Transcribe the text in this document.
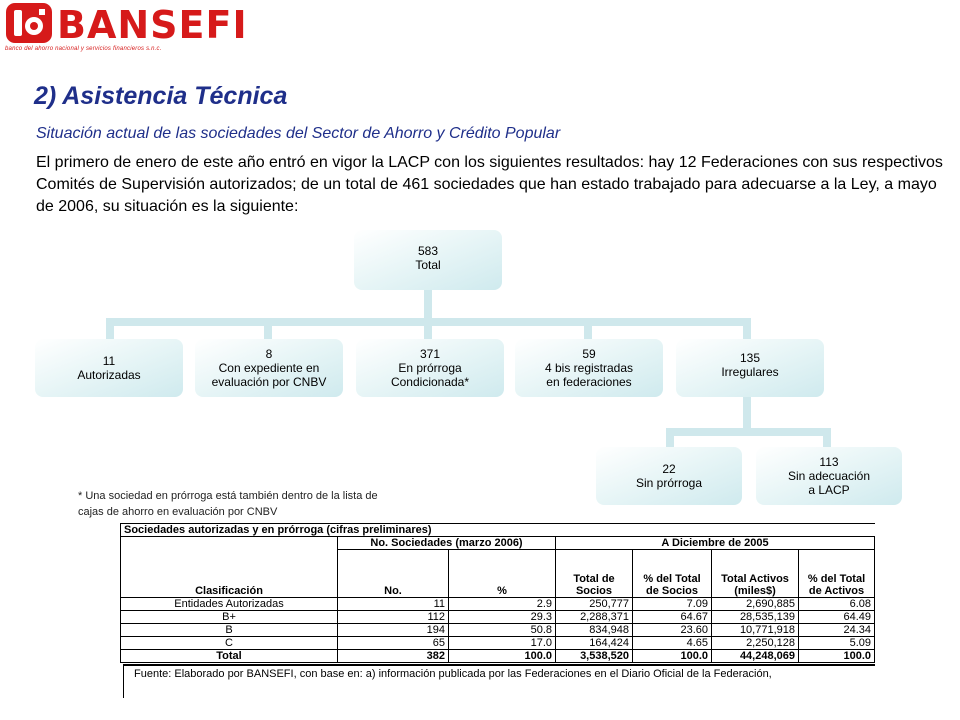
BANSEFI
banco del ahorro nacional y servicios financieros s.n.c.
2) Asistencia Técnica
Situación actual de las sociedades del Sector de Ahorro y Crédito Popular
El primero de enero de este año entró en vigor la LACP con los siguientes resultados: hay 12 Federaciones con sus respectivos Comités de Supervisión autorizados; de un total de 461 sociedades que han estado trabajado para adecuarse a la Ley, a mayo de 2006, su situación es la siguiente:
583
Total
11
Autorizadas
8
Con expediente en
evaluación por CNBV
371
En prórroga
Condicionada*
59
4 bis registradas
en federaciones
135
Irregulares
22
Sin prórroga
113
Sin adecuación
a LACP
* Una sociedad en prórroga está también dentro de la lista de cajas de ahorro en evaluación por CNBV
Sociedades autorizadas y en prórroga (cifras preliminares)						
Clasificación	No. Sociedades (marzo 2006)		A Diciembre de 2005			
	No.	%	Total de Socios	% del Total de Socios	Total Activos (miles$)	% del Total de Activos
Entidades Autorizadas	11	2.9	250,777	7.09	2,690,885	6.08
B+	112	29.3	2,288,371	64.67	28,535,139	64.49
B	194	50.8	834,948	23.60	10,771,918	24.34
C	65	17.0	164,424	4.65	2,250,128	5.09
Total	382	100.0	3,538,520	100.0	44,248,069	100.0
Fuente: Elaborado por BANSEFI, con base en: a) información publicada por las Federaciones en el Diario Oficial de la Federación,
